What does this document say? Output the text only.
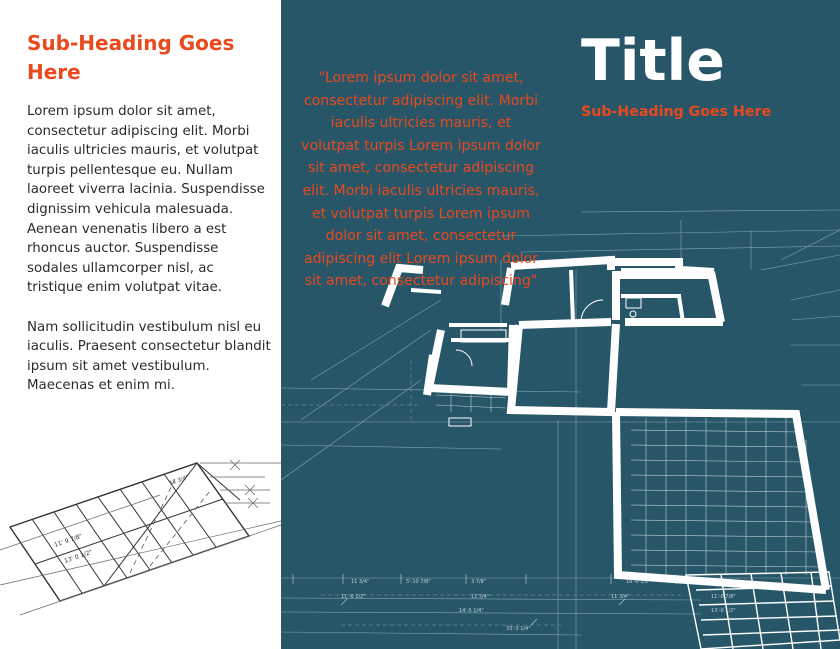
Sub-Heading Goes Here

Lorem ipsum dolor sit amet, consectetur adipiscing elit. Morbi iaculis ultricies mauris, et volutpat turpis pellentesque eu. Nullam laoreet viverra lacinia. Suspendisse dignissim vehicula malesuada. Aenean venenatis libero a est rhoncus auctor. Suspendisse sodales ullamcorper nisl, ac tristique enim volutpat vitae.

Nam sollicitudin vestibulum nisl eu iaculis. Praesent consectetur blandit ipsum sit amet vestibulum. Maecenas et enim mi.

11' 9 7/8"
13' 0 1/2"
11 3/4"
11 3/4"	5'-10 7/8"	3 7/8"
14'-5 1/4"
33'-3 1/4"
11'-0 1/2"	11 3/4"
18'-0 1/2"
11'3/4"	11'-0 7/8"
13'-0 1/2"
Title
Sub-Heading Goes Here

"Lorem ipsum dolor sit amet, consectetur adipiscing elit. Morbi iaculis ultricies mauris, et volutpat turpis Lorem ipsum dolor sit amet, consectetur adipiscing elit. Morbi iaculis ultricies mauris, et volutpat turpis Lorem ipsum dolor sit amet, consectetur adipiscing elit Lorem ipsum dolor sit amet, consectetur adipiscing"
